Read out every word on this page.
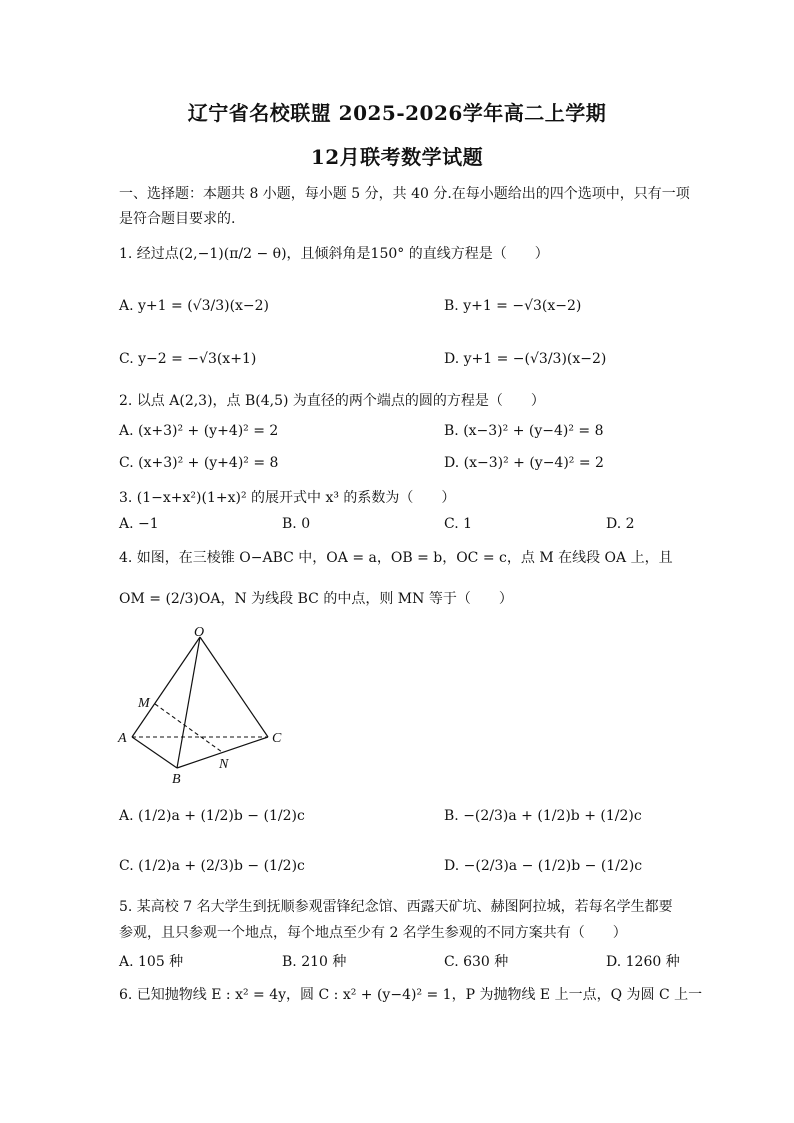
辽宁省名校联盟 2025-2026学年高二上学期
12月联考数学试题
一、选择题：本题共 8 小题，每小题 5 分，共 40 分.在每小题给出的四个选项中，只有一项
是符合题目要求的.
1. 经过点(2,−1)(π/2 − θ)，且倾斜角是150° 的直线方程是（　　）
A. y+1 = (√3/3)(x−2)	B. y+1 = −√3(x−2)
C. y−2 = −√3(x+1)	D. y+1 = −(√3/3)(x−2)
2. 以点 A(2,3)，点 B(4,5) 为直径的两个端点的圆的方程是（　　）
A. (x+3)² + (y+4)² = 2	B. (x−3)² + (y−4)² = 8
C. (x+3)² + (y+4)² = 8	D. (x−3)² + (y−4)² = 2
3. (1−x+x²)(1+x)² 的展开式中 x³ 的系数为（　　）
A. −1	B. 0	C. 1	D. 2
4. 如图，在三棱锥 O−ABC 中，OA = a，OB = b，OC = c，点 M 在线段 OA 上，且
OM = (2/3)OA，N 为线段 BC 的中点，则 MN 等于（　　）
O
A
B
C
M
N
A. (1/2)a + (1/2)b − (1/2)c	B. −(2/3)a + (1/2)b + (1/2)c
C. (1/2)a + (2/3)b − (1/2)c	D. −(2/3)a − (1/2)b − (1/2)c
5. 某高校 7 名大学生到抚顺参观雷锋纪念馆、西露天矿坑、赫图阿拉城，若每名学生都要
参观，且只参观一个地点，每个地点至少有 2 名学生参观的不同方案共有（　　）
A. 105 种	B. 210 种	C. 630 种	D. 1260 种
6. 已知抛物线 E : x² = 4y，圆 C : x² + (y−4)² = 1，P 为抛物线 E 上一点，Q 为圆 C 上一
